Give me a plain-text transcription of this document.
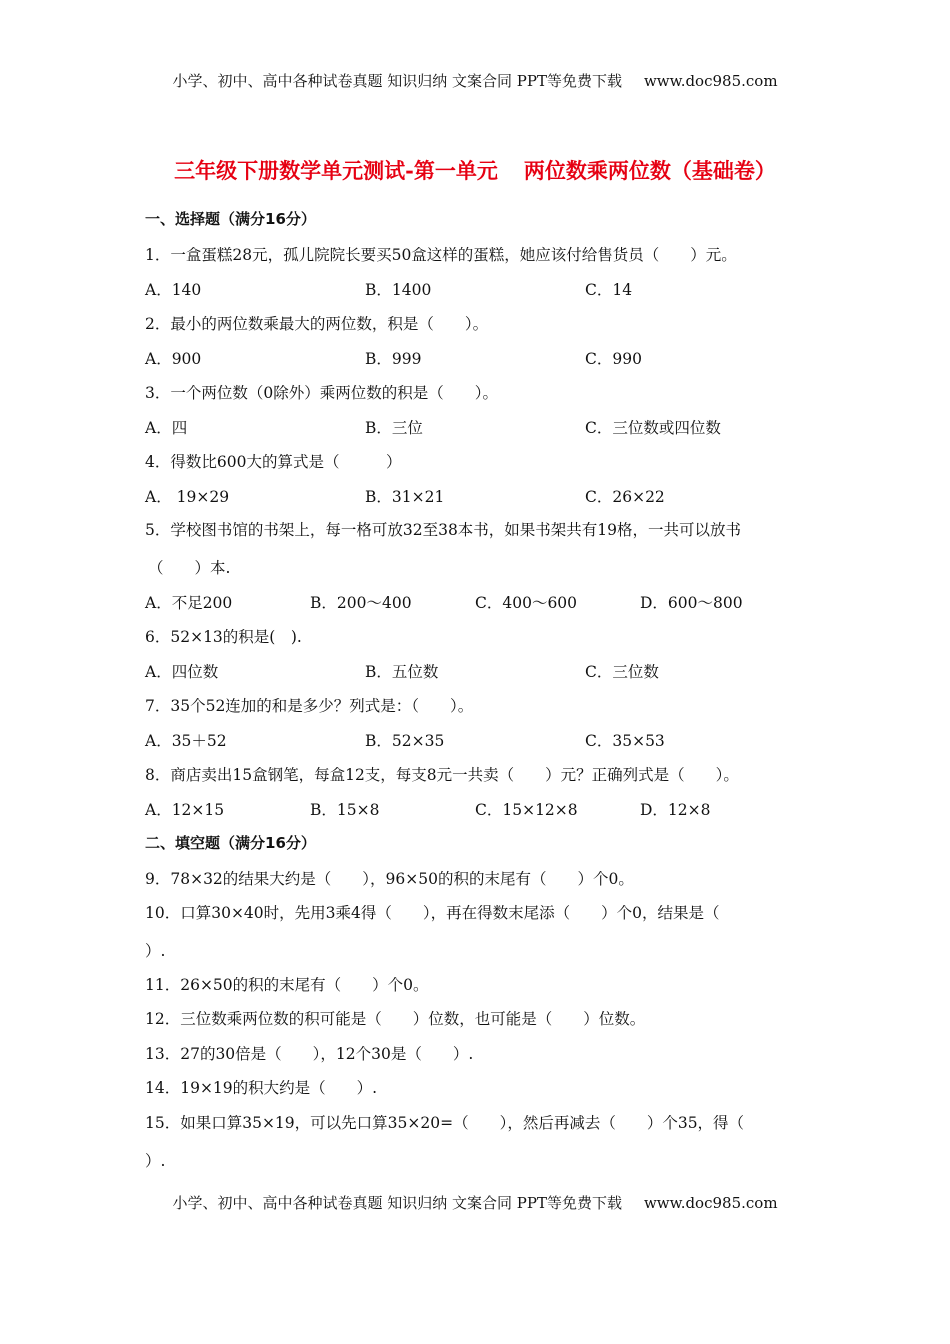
小学、初中、高中各种试卷真题 知识归纳 文案合同 PPT等免费下载 www.doc985.com
三年级下册数学单元测试-第一单元 两位数乘两位数（基础卷）
一、选择题（满分16分）
1．一盒蛋糕28元，孤儿院院长要买50盒这样的蛋糕，她应该付给售货员（　　）元。
A．140	B．1400	C．14
2．最小的两位数乘最大的两位数，积是（　　）。
A．900	B．999	C．990
3．一个两位数（0除外）乘两位数的积是（　　）。
A．四	B．三位	C．三位数或四位数
4．得数比600大的算式是（　　　）
A． 19×29	B．31×21	C．26×22
5．学校图书馆的书架上，每一格可放32至38本书，如果书架共有19格，一共可以放书
（　　）本.
A．不足200	B．200～400	C．400～600	D．600～800
6．52×13的积是(　).
A．四位数	B．五位数	C．三位数
7．35个52连加的和是多少？列式是：（　　）。
A．35＋52	B．52×35	C．35×53
8．商店卖出15盒钢笔，每盒12支，每支8元一共卖（　　）元？正确列式是（　　）。
A．12×15	B．15×8	C．15×12×8	D．12×8
二、填空题（满分16分）
9．78×32的结果大约是（　　），96×50的积的末尾有（　　）个0。
10．口算30×40时，先用3乘4得（　　），再在得数末尾添（　　）个0，结果是（
）.
11．26×50的积的末尾有（　　）个0。
12．三位数乘两位数的积可能是（　　）位数，也可能是（　　）位数。
13．27的30倍是（　　），12个30是（　　）.
14．19×19的积大约是（　　）.
15．如果口算35×19，可以先口算35×20=（　　），然后再减去（　　）个35，得（
）.
小学、初中、高中各种试卷真题 知识归纳 文案合同 PPT等免费下载 www.doc985.com
